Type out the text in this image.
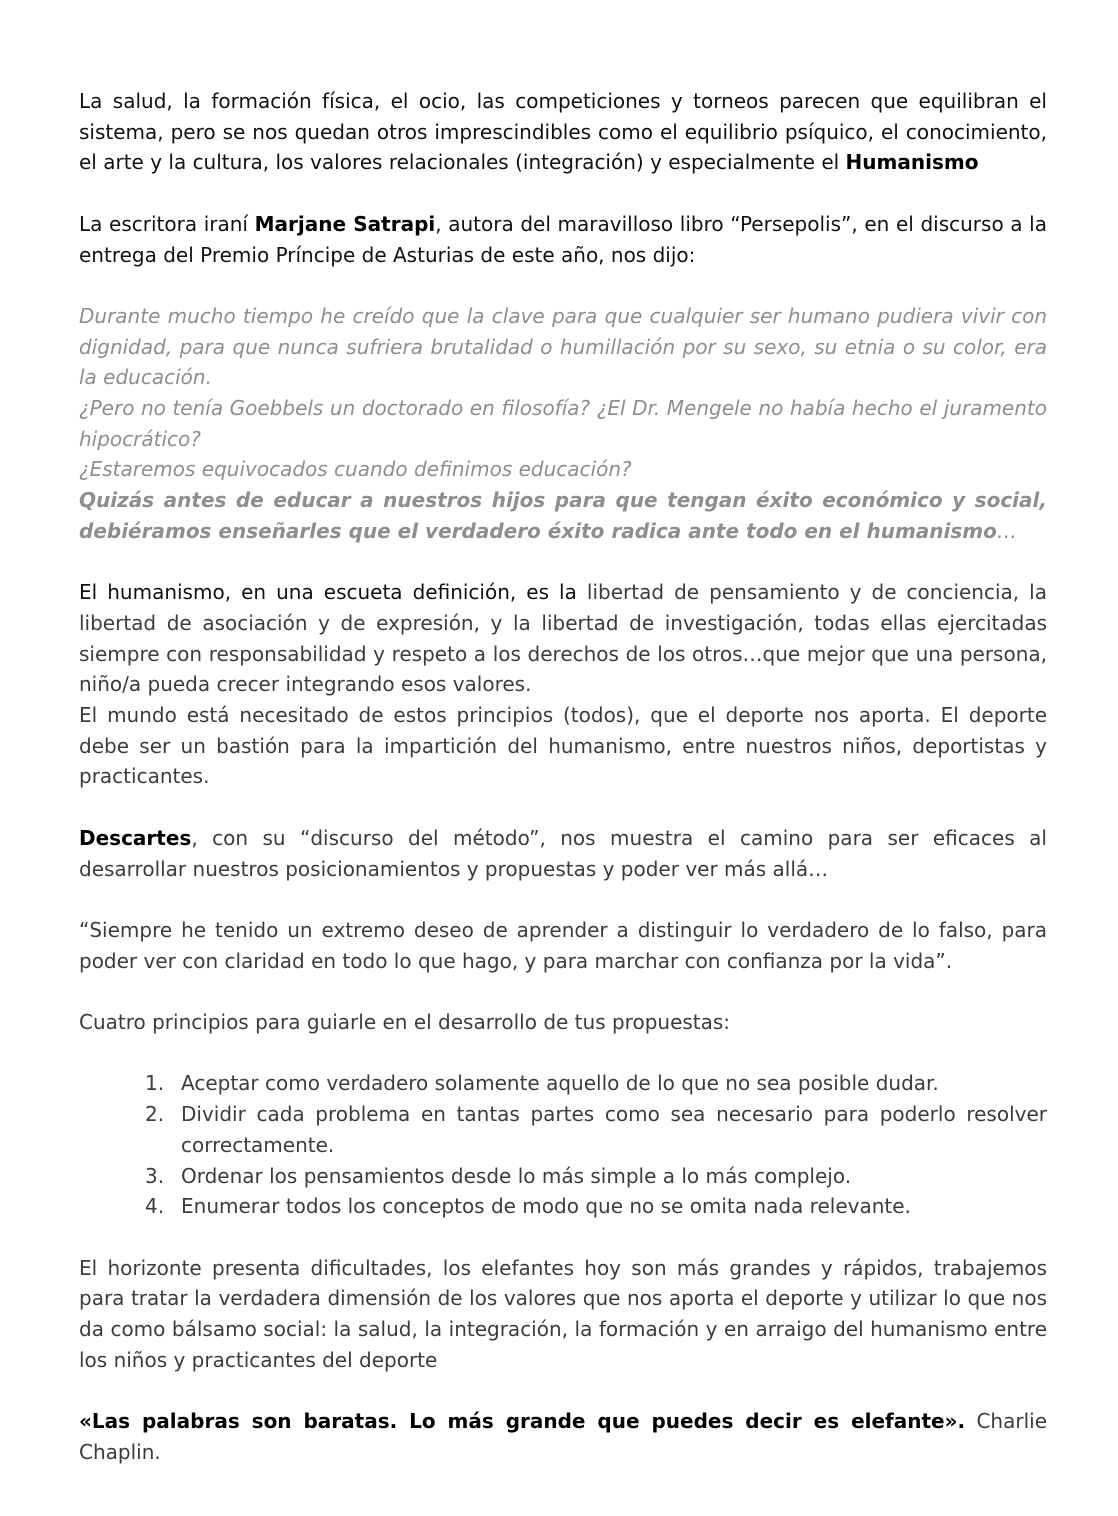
La salud, la formación física, el ocio, las competiciones y torneos parecen que equilibran el sistema, pero se nos quedan otros imprescindibles como el equilibrio psíquico, el conocimiento, el arte y la cultura, los valores relacionales (integración) y especialmente el Humanismo

La escritora iraní Marjane Satrapi, autora del maravilloso libro “Persepolis”, en el discurso a la entrega del Premio Príncipe de Asturias de este año, nos dijo:

Durante mucho tiempo he creído que la clave para que cualquier ser humano pudiera vivir con dignidad, para que nunca sufriera brutalidad o humillación por su sexo, su etnia o su color, era la educación.

¿Pero no tenía Goebbels un doctorado en filosofía? ¿El Dr. Mengele no había hecho el juramento hipocrático?

¿Estaremos equivocados cuando definimos educación?

Quizás antes de educar a nuestros hijos para que tengan éxito económico y social, debiéramos enseñarles que el verdadero éxito radica ante todo en el humanismo…

El humanismo, en una escueta definición, es la libertad de pensamiento y de conciencia, la libertad de asociación y de expresión, y la libertad de investigación, todas ellas ejercitadas siempre con responsabilidad y respeto a los derechos de los otros…que mejor que una persona, niño/a pueda crecer integrando esos valores.

El mundo está necesitado de estos principios (todos), que el deporte nos aporta. El deporte debe ser un bastión para la impartición del humanismo, entre nuestros niños, deportistas y practicantes.

Descartes, con su “discurso del método”, nos muestra el camino para ser eficaces al desarrollar nuestros posicionamientos y propuestas y poder ver más allá…

“Siempre he tenido un extremo deseo de aprender a distinguir lo verdadero de lo falso, para poder ver con claridad en todo lo que hago, y para marchar con confianza por la vida”.

Cuatro principios para guiarle en el desarrollo de tus propuestas:

1. Aceptar como verdadero solamente aquello de lo que no sea posible dudar.
2. Dividir cada problema en tantas partes como sea necesario para poderlo resolver correctamente.
3. Ordenar los pensamientos desde lo más simple a lo más complejo.
4. Enumerar todos los conceptos de modo que no se omita nada relevante.

El horizonte presenta dificultades, los elefantes hoy son más grandes y rápidos, trabajemos para tratar la verdadera dimensión de los valores que nos aporta el deporte y utilizar lo que nos da como bálsamo social: la salud, la integración, la formación y en arraigo del humanismo entre los niños y practicantes del deporte

«Las palabras son baratas. Lo más grande que puedes decir es elefante». Charlie Chaplin.
